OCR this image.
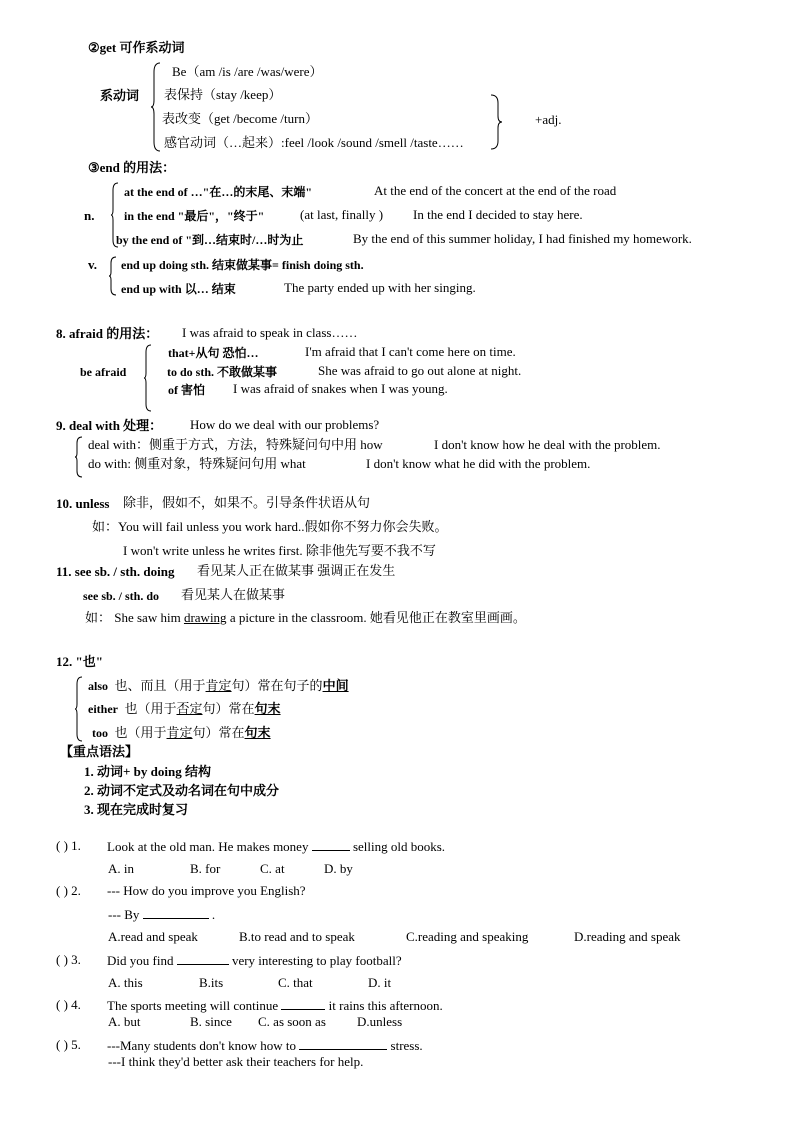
②get 可作系动词
系动词
Be（am /is /are /was/were）
表保持（stay /keep）
表改变（get /become /turn）
感官动词（…起来）:feel /look /sound /smell /taste……
+adj.
③end 的用法：
n.
at the end of …"在…的末尾、末端"	At the end of the concert at the end of the road
in the end "最后"，"终于"	(at last, finally ) In the end I decided to stay here.
by the end of "到…结束时/…时为止	By the end of this summer holiday, I had finished my homework.
v. end up doing sth. 结束做某事= finish doing sth.
end up with 以… 结束	The party ended up with her singing.
8. afraid 的用法： I was afraid to speak in class……
be afraid
that+从句 恐怕…	I'm afraid that I can't come here on time.
to do sth. 不敢做某事	She was afraid to go out alone at night.
of 害怕 I was afraid of snakes when I was young.
9. deal with 处理： How do we deal with our problems?
deal with：侧重于方式，方法，特殊疑问句中用 how	I don't know how he deal with the problem.
do with: 侧重对象，特殊疑问句用 what	I don't know what he did with the problem.
10. unless 除非，假如不，如果不。引导条件状语从句
如：You will fail unless you work hard..假如你不努力你会失败。
I won't write unless he writes first. 除非他先写要不我不写
11. see sb. / sth. doing 看见某人正在做某事 强调正在发生
see sb. / sth. do 看见某人在做某事
如： She saw him drawing a picture in the classroom. 她看见他正在教室里画画。
12. "也"
also 也、而且（用于肯定句）常在句子的中间
either 也（用于否定句）常在句末
too 也（用于肯定句）常在句末
【重点语法】
1. 动词+ by doing 结构
2. 动词不定式及动名词在句中成分
3. 现在完成时复习
( ) 1. Look at the old man. He makes money	selling old books.
A. in	B. for	C. at	D. by
( ) 2. --- How do you improve you English?
--- By	.
A.read and speak	B.to read and to speak	C.reading and speaking	D.reading and speak
( ) 3. Did you find	very interesting to play football?
A. this	B.its	C. that	D. it
( ) 4. The sports meeting will continue	it rains this afternoon.
A. but	B. since C. as soon as D.unless
( ) 5. ---Many students don't know how to	stress.
---I think they'd better ask their teachers for help.
